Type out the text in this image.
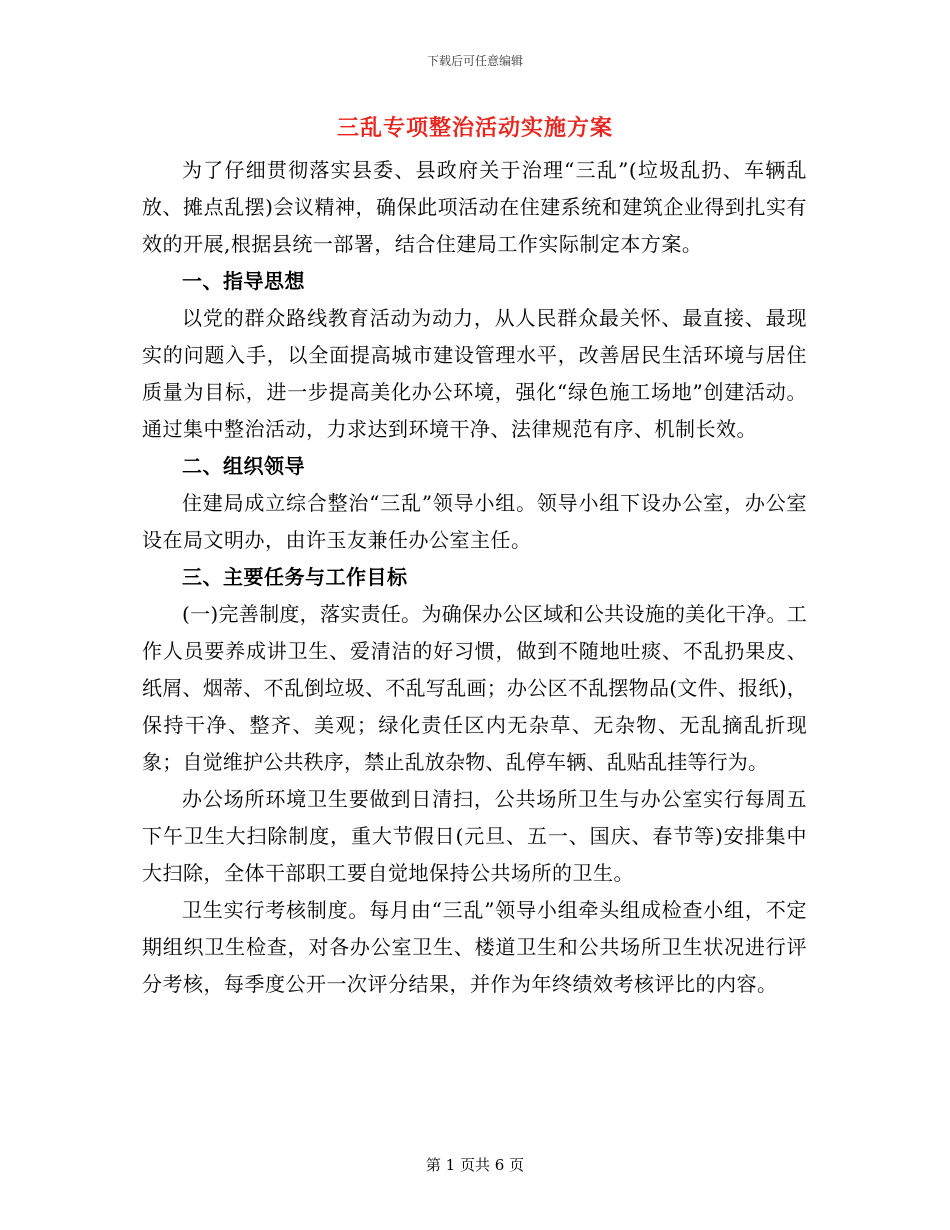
下载后可任意编辑
三乱专项整治活动实施方案

为了仔细贯彻落实县委、县政府关于治理“三乱”(垃圾乱扔、车辆乱放、摊点乱摆)会议精神，确保此项活动在住建系统和建筑企业得到扎实有效的开展,根据县统一部署，结合住建局工作实际制定本方案。

一、指导思想

以党的群众路线教育活动为动力，从人民群众最关怀、最直接、最现实的问题入手，以全面提高城市建设管理水平，改善居民生活环境与居住质量为目标，进一步提高美化办公环境，强化“绿色施工场地”创建活动。通过集中整治活动，力求达到环境干净、法律规范有序、机制长效。

二、组织领导

住建局成立综合整治“三乱”领导小组。领导小组下设办公室，办公室设在局文明办，由许玉友兼任办公室主任。

三、主要任务与工作目标

(一)完善制度，落实责任。为确保办公区域和公共设施的美化干净。工作人员要养成讲卫生、爱清洁的好习惯，做到不随地吐痰、不乱扔果皮、纸屑、烟蒂、不乱倒垃圾、不乱写乱画；办公区不乱摆物品(文件、报纸)，保持干净、整齐、美观；绿化责任区内无杂草、无杂物、无乱摘乱折现象；自觉维护公共秩序，禁止乱放杂物、乱停车辆、乱贴乱挂等行为。

办公场所环境卫生要做到日清扫，公共场所卫生与办公室实行每周五下午卫生大扫除制度，重大节假日(元旦、五一、国庆、春节等)安排集中大扫除，全体干部职工要自觉地保持公共场所的卫生。

卫生实行考核制度。每月由“三乱”领导小组牵头组成检查小组，不定期组织卫生检查，对各办公室卫生、楼道卫生和公共场所卫生状况进行评分考核，每季度公开一次评分结果，并作为年终绩效考核评比的内容。

第 1 页共 6 页
